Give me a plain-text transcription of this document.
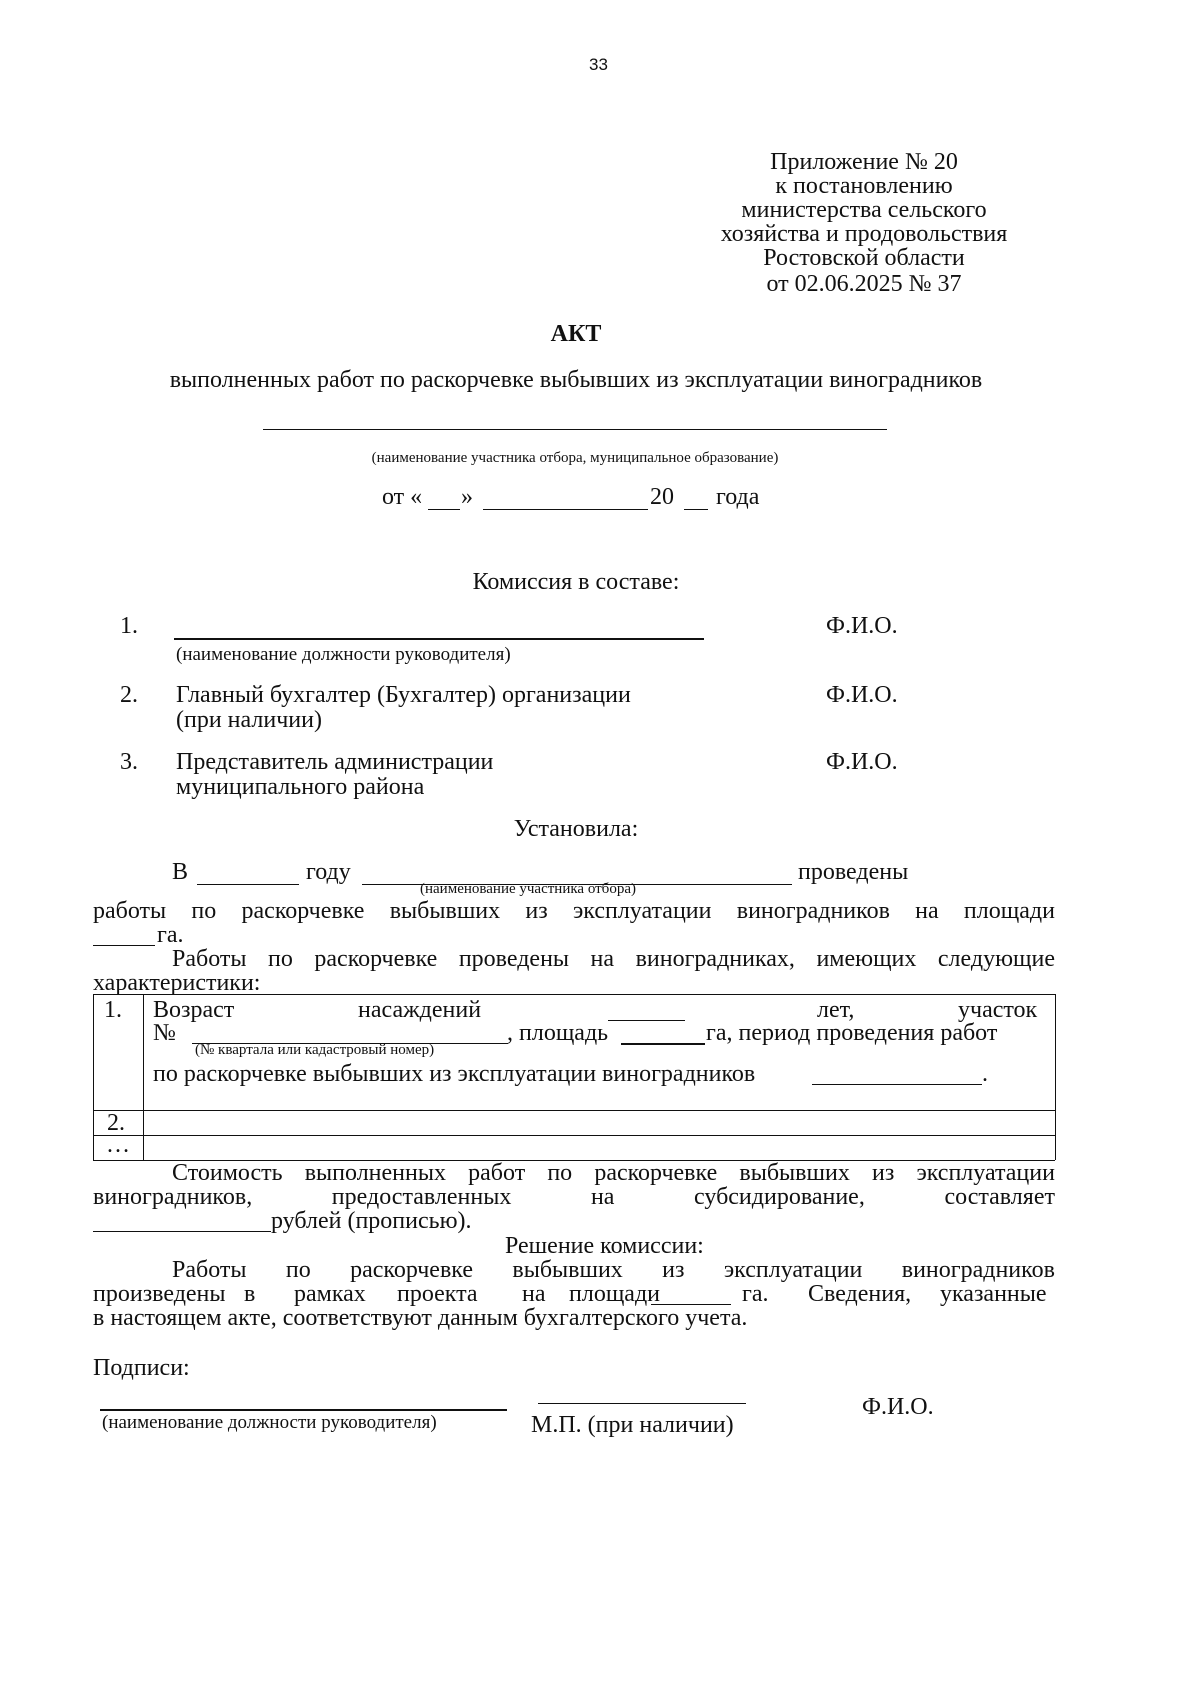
33
Приложение № 20
к постановлению
министерства сельского
хозяйства и продовольствия
Ростовской области
от 02.06.2025 № 37
АКТ
выполненных работ по раскорчевке выбывших из эксплуатации виноградников
(наименование участника отбора, муниципальное образование)
от « »	20 года
Комиссия в составе:
1.
(наименование должности руководителя)
Ф.И.О.
2. Главный бухгалтер (Бухгалтер) организации
(при наличии)
Ф.И.О.
3. Представитель администрации
муниципального района
Ф.И.О.
Установила:
В	году
(наименование участника отбора)
проведены
работы по раскорчевке выбывших из эксплуатации виноградников на площади
га.
Работы по раскорчевке проведены на виноградниках, имеющих следующие
характеристики:
1. Возраст	насаждений	лет,	участок
№	, площадь	га, период проведения работ
(№ квартала или кадастровый номер)
по раскорчевке выбывших из эксплуатации виноградников	.
2.
…
Стоимость выполненных работ по раскорчевке выбывших из эксплуатации
виноградников,	предоставленных	на	субсидирование,	составляет
рублей (прописью).
Решение комиссии:
Работы по раскорчевке выбывших из эксплуатации виноградников
произведены в рамках проекта на площади	га. Сведения, указанные
в настоящем акте, соответствуют данным бухгалтерского учета.
Подписи:
(наименование должности руководителя)	М.П. (при наличии)
Ф.И.О.
